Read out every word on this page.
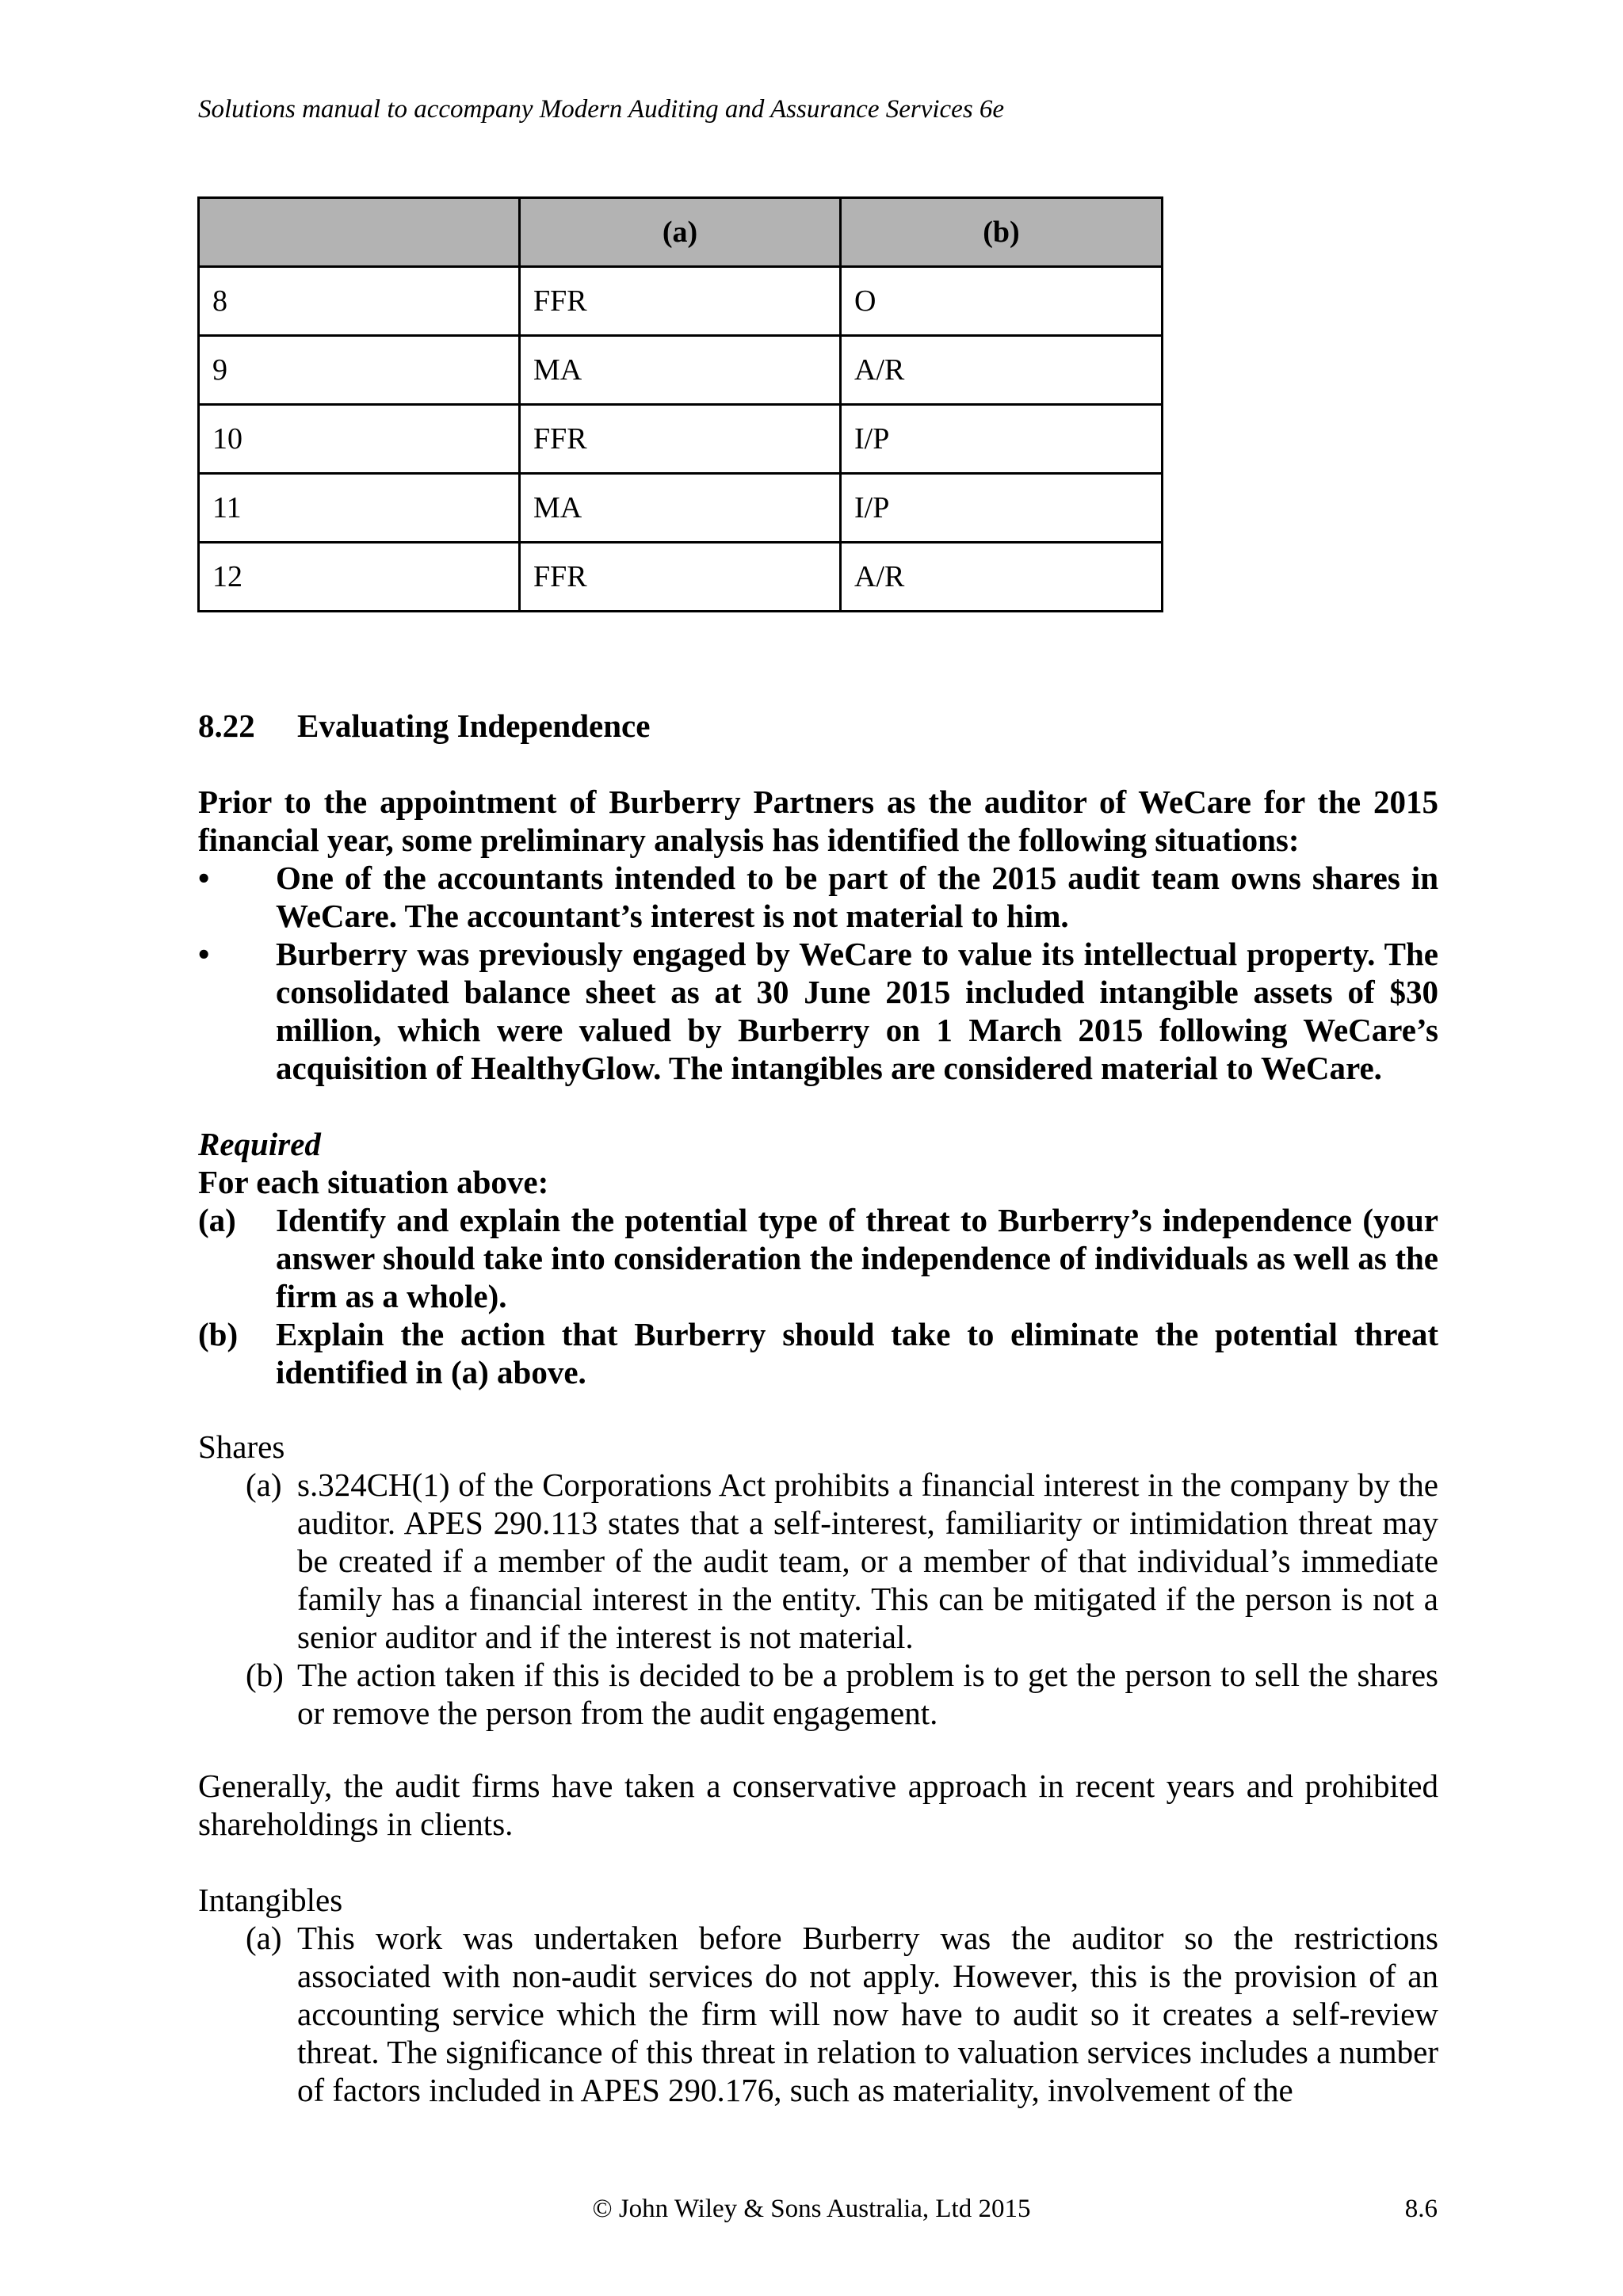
Solutions manual to accompany Modern Auditing and Assurance Services 6e
	(a)	(b)
8	FFR	O
9	MA	A/R
10	FFR	I/P
11	MA	I/P
12	FFR	A/R
8.22 Evaluating Independence
Prior to the appointment of Burberry Partners as the auditor of WeCare for the 2015 financial year, some preliminary analysis has identified the following situations:
•	One of the accountants intended to be part of the 2015 audit team owns shares in WeCare. The accountant’s interest is not material to him.
•	Burberry was previously engaged by WeCare to value its intellectual property. The consolidated balance sheet as at 30 June 2015 included intangible assets of $30 million, which were valued by Burberry on 1 March 2015 following WeCare’s acquisition of HealthyGlow. The intangibles are considered material to WeCare.
Required
For each situation above:
(a) Identify and explain the potential type of threat to Burberry’s independence (your answer should take into consideration the independence of individuals as well as the firm as a whole).
(b) Explain the action that Burberry should take to eliminate the potential threat identified in (a) above.
Shares
(a) s.324CH(1) of the Corporations Act prohibits a financial interest in the company by the auditor. APES 290.113 states that a self-interest, familiarity or intimidation threat may be created if a member of the audit team, or a member of that individual’s immediate family has a financial interest in the entity. This can be mitigated if the person is not a senior auditor and if the interest is not material.
(b) The action taken if this is decided to be a problem is to get the person to sell the shares or remove the person from the audit engagement.
Generally, the audit firms have taken a conservative approach in recent years and prohibited shareholdings in clients.
Intangibles
(a) This work was undertaken before Burberry was the auditor so the restrictions associated with non-audit services do not apply. However, this is the provision of an accounting service which the firm will now have to audit so it creates a self-review threat. The significance of this threat in relation to valuation services includes a number of factors included in APES 290.176, such as materiality, involvement of the
© John Wiley & Sons Australia, Ltd 2015	8.6
